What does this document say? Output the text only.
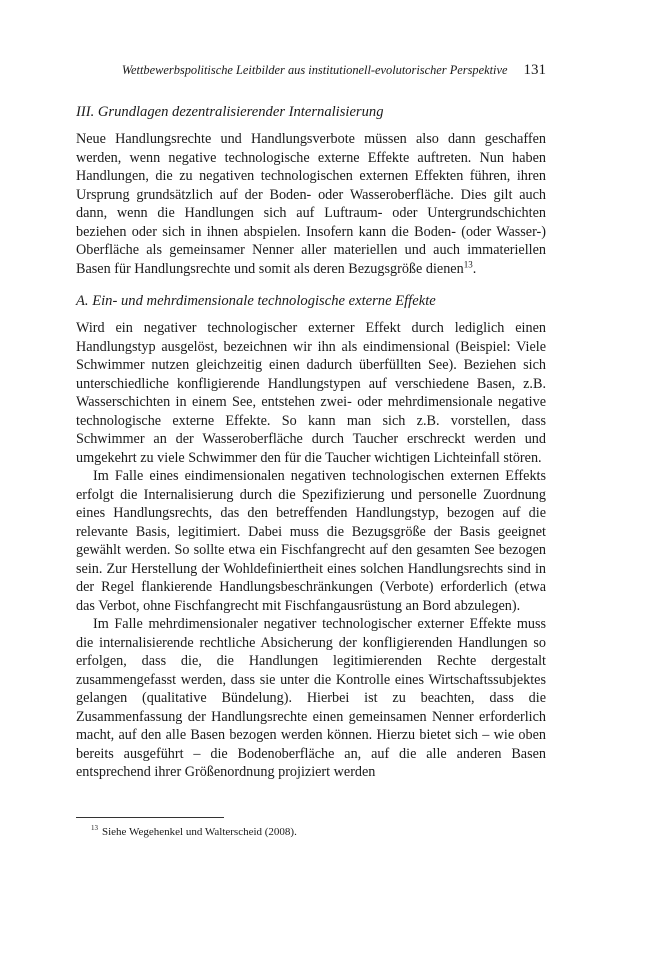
Wettbewerbspolitische Leitbilder aus institutionell-evolutorischer Perspektive 131
III. Grundlagen dezentralisierender Internalisierung

Neue Handlungsrechte und Handlungsverbote müssen also dann geschaffen werden, wenn negative technologische externe Effekte auftreten. Nun haben Handlungen, die zu negativen technologischen externen Effekten führen, ihren Ursprung grundsätzlich auf der Boden- oder Wasseroberfläche. Dies gilt auch dann, wenn die Handlungen sich auf Luftraum- oder Untergrundschichten beziehen oder sich in ihnen abspielen. Insofern kann die Boden- (oder Wasser-) Oberfläche als gemeinsamer Nenner aller materiellen und auch immateriellen Basen für Handlungsrechte und somit als deren Bezugsgröße dienen$^{13}$.

A. Ein- und mehrdimensionale technologische externe Effekte

Wird ein negativer technologischer externer Effekt durch lediglich einen Handlungstyp ausgelöst, bezeichnen wir ihn als eindimensional (Beispiel: Viele Schwimmer nutzen gleichzeitig einen dadurch überfüllten See). Beziehen sich unterschiedliche konfligierende Handlungstypen auf verschiedene Basen, z.B. Wasserschichten in einem See, entstehen zwei- oder mehrdimensionale negative technologische externe Effekte. So kann man sich z.B. vorstellen, dass Schwimmer an der Wasseroberfläche durch Taucher erschreckt werden und umgekehrt zu viele Schwimmer den für die Taucher wichtigen Lichteinfall stören.

Im Falle eines eindimensionalen negativen technologischen externen Effekts erfolgt die Internalisierung durch die Spezifizierung und personelle Zuordnung eines Handlungsrechts, das den betreffenden Handlungstyp, bezogen auf die relevante Basis, legitimiert. Dabei muss die Bezugsgröße der Basis geeignet gewählt werden. So sollte etwa ein Fischfangrecht auf den gesamten See bezogen sein. Zur Herstellung der Wohldefiniertheit eines solchen Handlungsrechts sind in der Regel flankierende Handlungsbeschränkungen (Verbote) erforderlich (etwa das Verbot, ohne Fischfangrecht mit Fischfangausrüstung an Bord abzulegen).

Im Falle mehrdimensionaler negativer technologischer externer Effekte muss die internalisierende rechtliche Absicherung der konfligierenden Handlungen so erfolgen, dass die, die Handlungen legitimierenden Rechte dergestalt zusammengefasst werden, dass sie unter die Kontrolle eines Wirtschaftssubjektes gelangen (qualitative Bündelung). Hierbei ist zu beachten, dass die Zusammenfassung der Handlungsrechte einen gemeinsamen Nenner erforderlich macht, auf den alle Basen bezogen werden können. Hierzu bietet sich – wie oben bereits ausgeführt – die Bodenoberfläche an, auf die alle anderen Basen entsprechend ihrer Größenordnung projiziert werden

$^{13}$ Siehe Wegehenkel und Walterscheid (2008).
